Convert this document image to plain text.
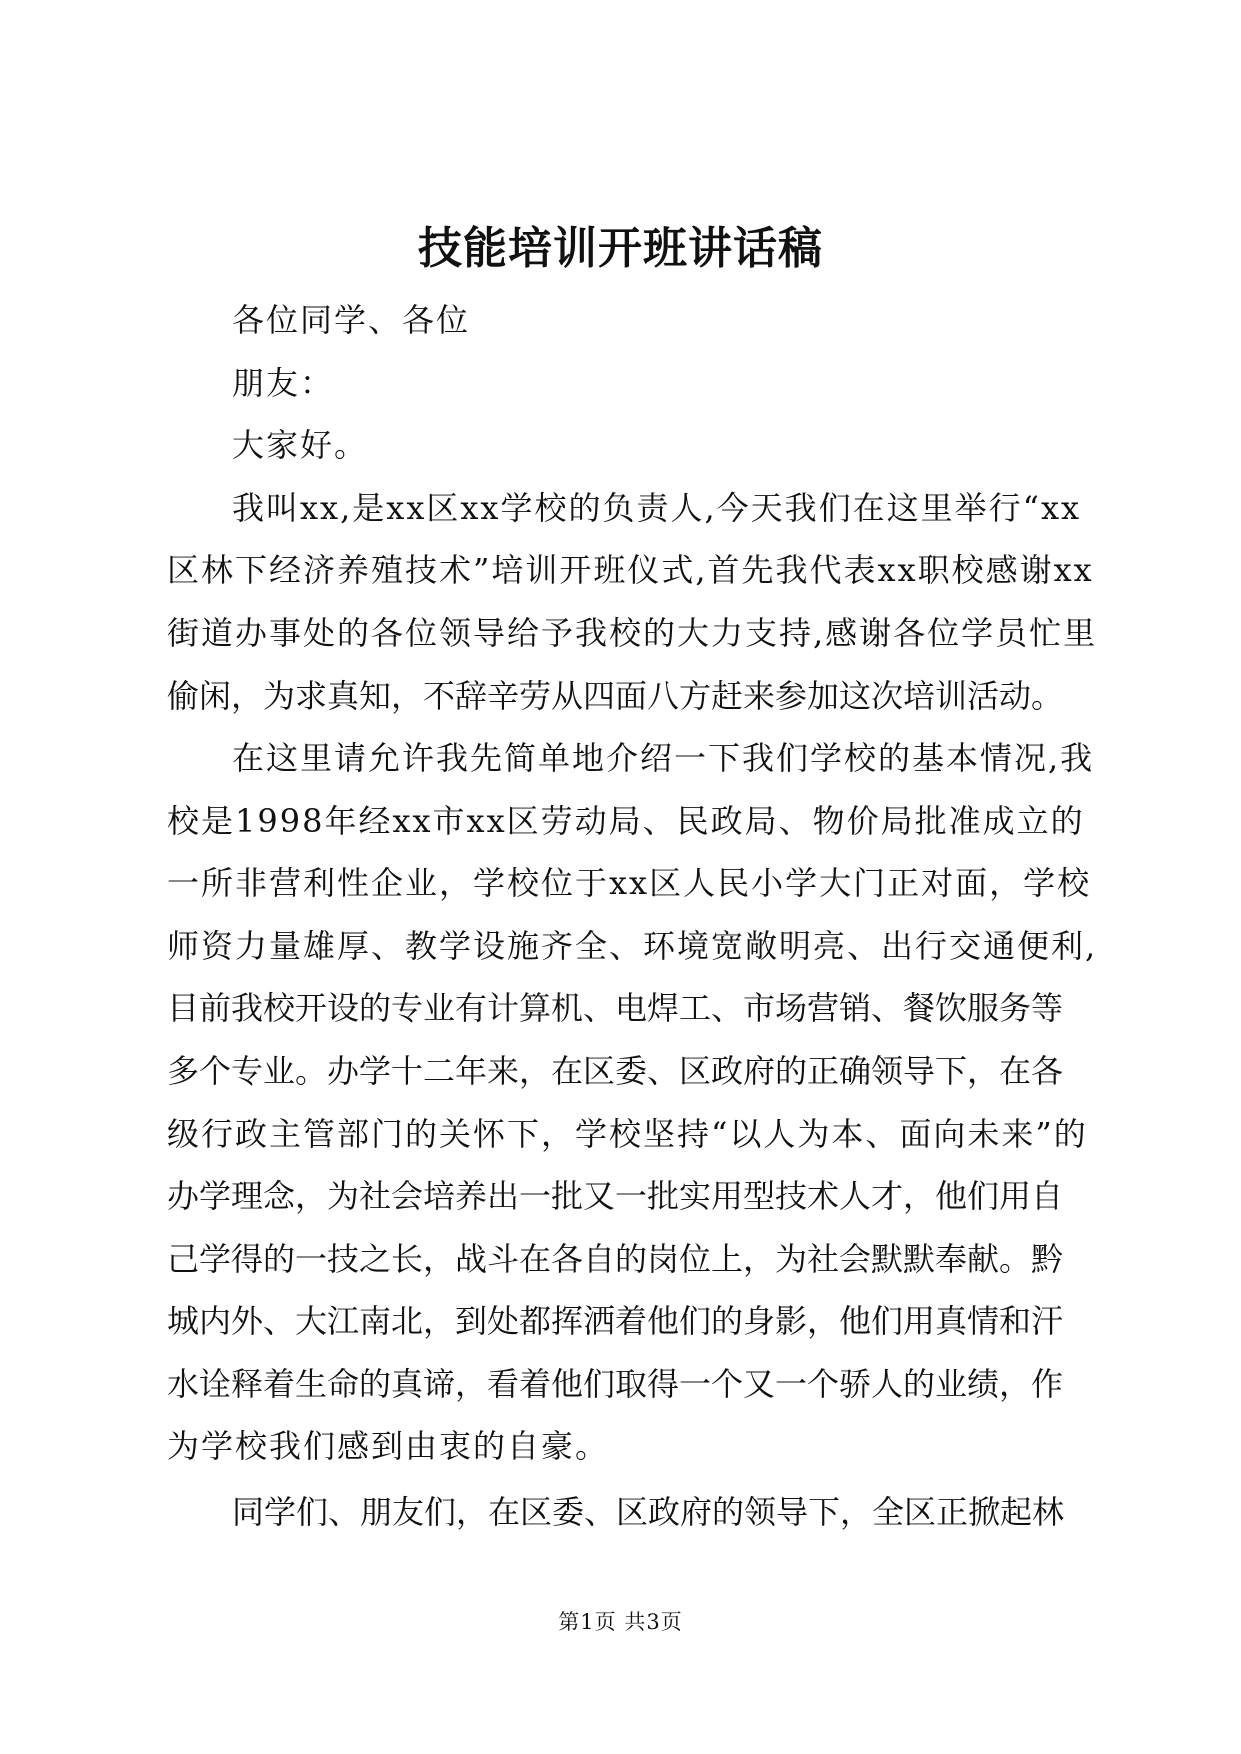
技能培训开班讲话稿

各位同学、各位

朋友：

大家好。

我叫xx,是xx区xx学校的负责人,今天我们在这里举行“xx

区林下经济养殖技术”培训开班仪式,首先我代表xx职校感谢xx

街道办事处的各位领导给予我校的大力支持,感谢各位学员忙里

偷闲，为求真知，不辞辛劳从四面八方赶来参加这次培训活动。

在这里请允许我先简单地介绍一下我们学校的基本情况,我

校是1998年经xx市xx区劳动局、民政局、物价局批准成立的

一所非营利性企业，学校位于xx区人民小学大门正对面，学校

师资力量雄厚、教学设施齐全、环境宽敞明亮、出行交通便利,

目前我校开设的专业有计算机、电焊工、市场营销、餐饮服务等

多个专业。办学十二年来，在区委、区政府的正确领导下，在各

级行政主管部门的关怀下，学校坚持“以人为本、面向未来”的

办学理念，为社会培养出一批又一批实用型技术人才，他们用自

己学得的一技之长，战斗在各自的岗位上，为社会默默奉献。黔

城内外、大江南北，到处都挥洒着他们的身影，他们用真情和汗

水诠释着生命的真谛，看着他们取得一个又一个骄人的业绩，作

为学校我们感到由衷的自豪。

同学们、朋友们，在区委、区政府的领导下，全区正掀起林

第1页 共3页
